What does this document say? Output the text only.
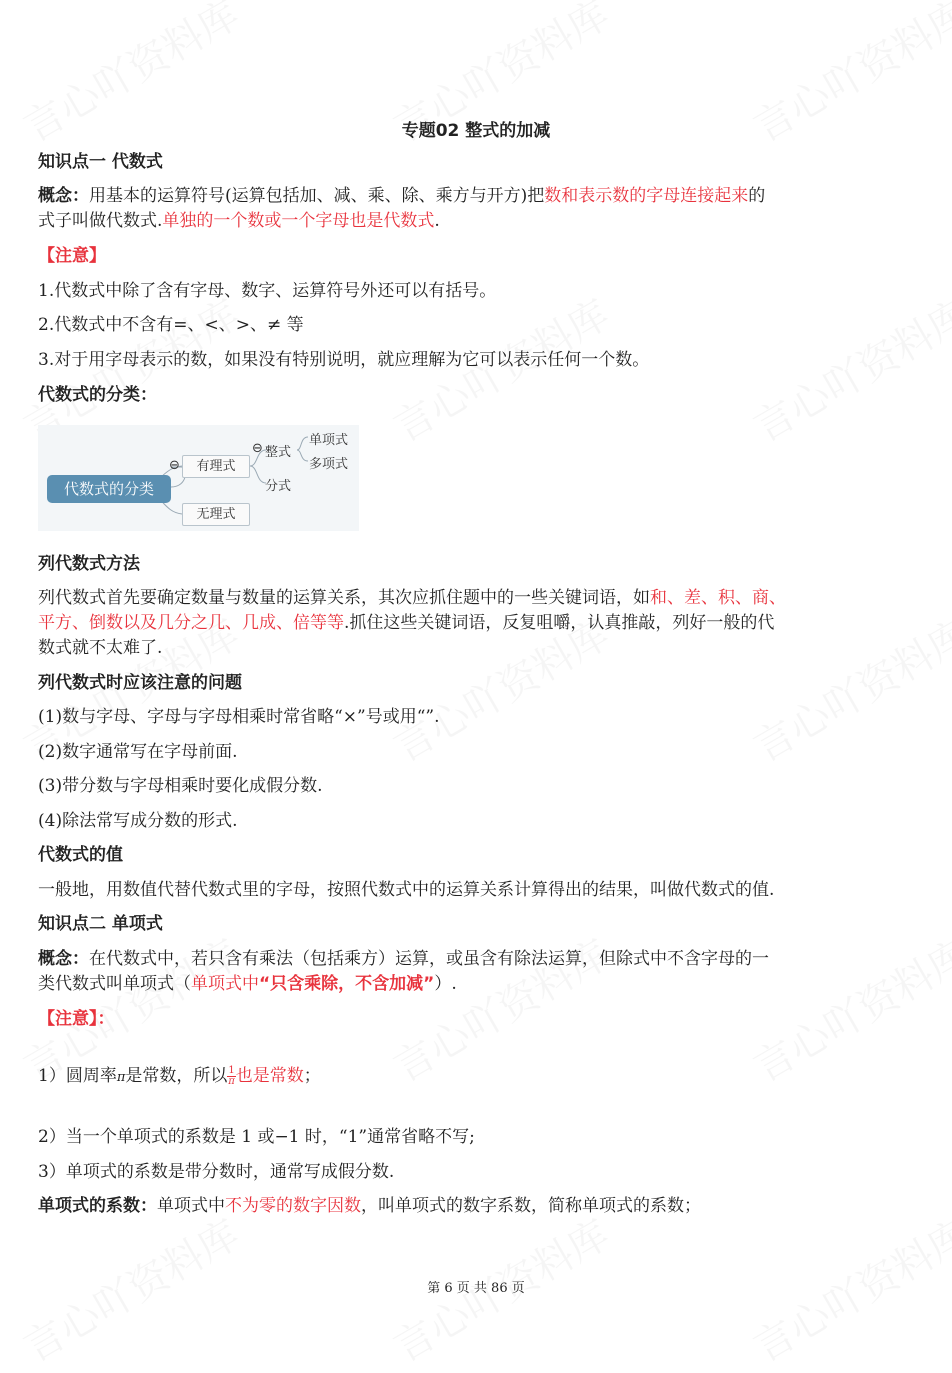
专题02 整式的加减
知识点一 代数式
概念：用基本的运算符号(运算包括加、减、乘、除、乘方与开方)把数和表示数的字母连接起来的
式子叫做代数式.单独的一个数或一个字母也是代数式.
【注意】
1.代数式中除了含有字母、数字、运算符号外还可以有括号。
2.代数式中不含有=、<、>、≠ 等
3.对于用字母表示的数，如果没有特别说明，就应理解为它可以表示任何一个数。
代数式的分类：
代数式的分类
⊖	有理式
无理式
⊖ 整式
分式
单项式
多项式
列代数式方法
列代数式首先要确定数量与数量的运算关系，其次应抓住题中的一些关键词语，如和、差、积、商、
平方、倒数以及几分之几、几成、倍等等.抓住这些关键词语，反复咀嚼，认真推敲，列好一般的代
数式就不太难了.
列代数式时应该注意的问题
(1)数与字母、字母与字母相乘时常省略“×”号或用“”.
(2)数字通常写在字母前面.
(3)带分数与字母相乘时要化成假分数.
(4)除法常写成分数的形式.
代数式的值
一般地，用数值代替代数式里的字母，按照代数式中的运算关系计算得出的结果，叫做代数式的值.
知识点二 单项式
概念：在代数式中，若只含有乘法（包括乘方）运算，或虽含有除法运算，但除式中不含字母的一
类代数式叫单项式（单项式中“只含乘除，不含加减”）.
【注意】：
1）圆周率π是常数，所以 $\frac{1}{\pi}$ 也是常数；
2）当一个单项式的系数是 1 或−1 时，“1”通常省略不写;
3）单项式的系数是带分数时，通常写成假分数.
单项式的系数：单项式中不为零的数字因数，叫单项式的数字系数，简称单项式的系数；
第 6 页 共 86 页
